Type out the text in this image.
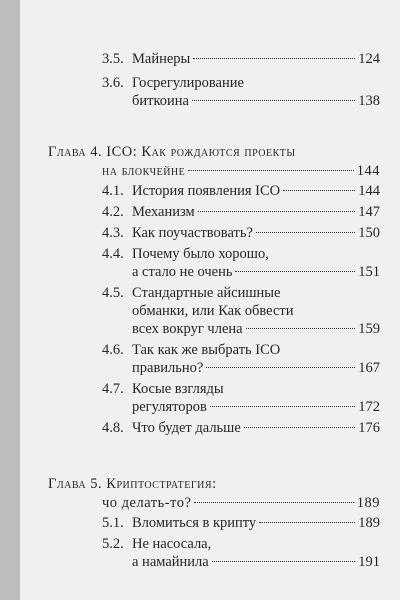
3.5. Майнеры	124
3.6. Госрегулирование
биткоина	138
Глава 4. ICO: Как рождаются проекты
на блокчейне	144
4.1. История появления ICO	144
4.2. Механизм	147
4.3. Как поучаствовать?	150
4.4. Почему было хорошо,
а стало не очень	151
4.5. Стандартные айсишные
обманки, или Как обвести
всех вокруг члена	159
4.6. Так как же выбрать ICO
правильно?	167
4.7. Косые взгляды
регуляторов	172
4.8. Что будет дальше	176
Глава 5. Криптостратегия:
чо делать-то?	189
5.1. Вломиться в крипту	189
5.2. Не насосала,
а намайнила	191
